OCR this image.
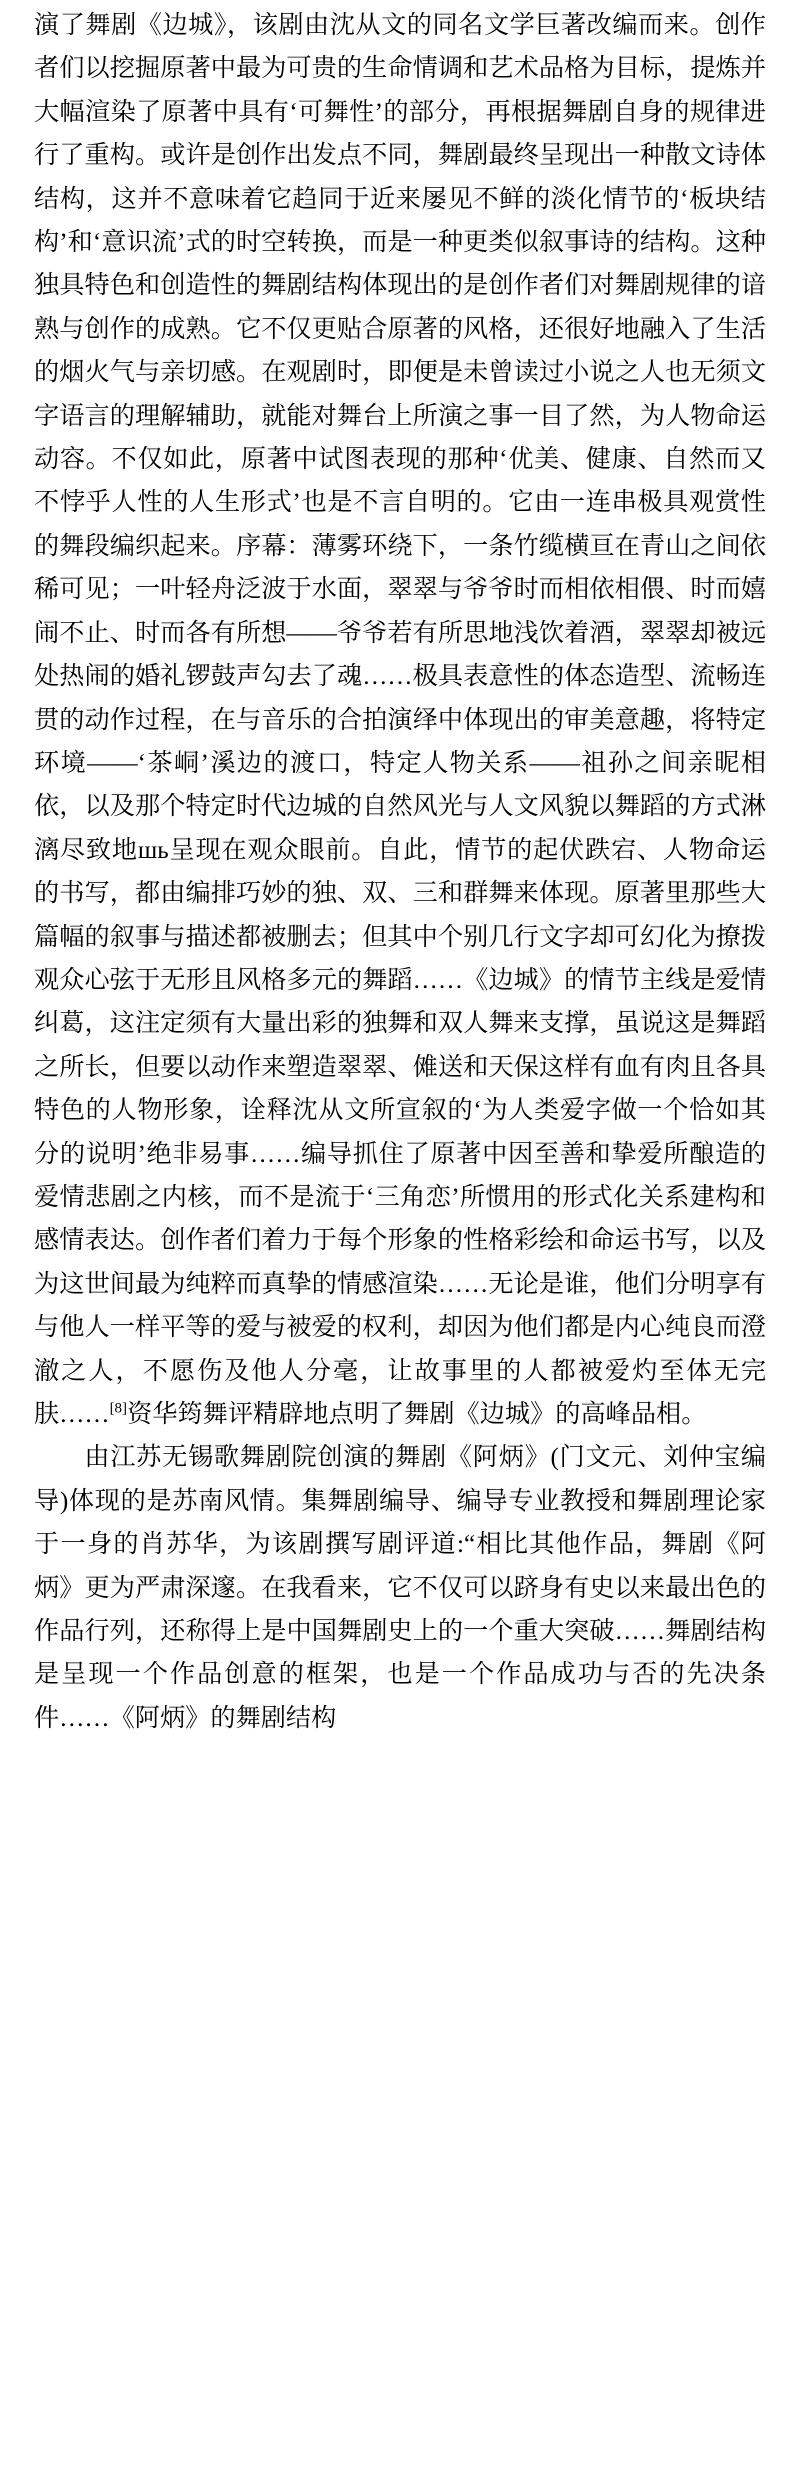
演了舞剧《边城》，该剧由沈从文的同名文学巨著改编而来。创作者们以挖掘原著中最为可贵的生命情调和艺术品格为目标，提炼并大幅渲染了原著中具有‘可舞性’的部分，再根据舞剧自身的规律进行了重构。或许是创作出发点不同，舞剧最终呈现出一种散文诗体结构，这并不意味着它趋同于近来屡见不鲜的淡化情节的‘板块结构’和‘意识流’式的时空转换，而是一种更类似叙事诗的结构。这种独具特色和创造性的舞剧结构体现出的是创作者们对舞剧规律的谙熟与创作的成熟。它不仅更贴合原著的风格，还很好地融入了生活的烟火气与亲切感。在观剧时，即便是未曾读过小说之人也无须文字语言的理解辅助，就能对舞台上所演之事一目了然，为人物命运动容。不仅如此，原著中试图表现的那种‘优美、健康、自然而又不悖乎人性的人生形式’也是不言自明的。它由一连串极具观赏性的舞段编织起来。序幕：薄雾环绕下，一条竹缆横亘在青山之间依稀可见；一叶轻舟泛波于水面，翠翠与爷爷时而相依相偎、时而嬉闹不止、时而各有所想——爷爷若有所思地浅饮着酒，翠翠却被远处热闹的婚礼锣鼓声勾去了魂……极具表意性的体态造型、流畅连贯的动作过程，在与音乐的合拍演绎中体现出的审美意趣，将特定环境——‘茶峒’溪边的渡口，特定人物关系——祖孙之间亲昵相依，以及那个特定时代边城的自然风光与人文风貌以舞蹈的方式淋漓尽致地шь呈现在观众眼前。自此，情节的起伏跌宕、人物命运的书写，都由编排巧妙的独、双、三和群舞来体现。原著里那些大篇幅的叙事与描述都被删去；但其中个别几行文字却可幻化为撩拨观众心弦于无形且风格多元的舞蹈……《边城》的情节主线是爱情纠葛，这注定须有大量出彩的独舞和双人舞来支撑，虽说这是舞蹈之所长，但要以动作来塑造翠翠、傩送和天保这样有血有肉且各具特色的人物形象，诠释沈从文所宣叙的‘为人类爱字做一个恰如其分的说明’绝非易事……编导抓住了原著中因至善和挚爱所酿造的爱情悲剧之内核，而不是流于‘三角恋’所惯用的形式化关系建构和感情表达。创作者们着力于每个形象的性格彩绘和命运书写，以及为这世间最为纯粹而真挚的情感渲染……无论是谁，他们分明享有与他人一样平等的爱与被爱的权利，却因为他们都是内心纯良而澄澈之人，不愿伤及他人分毫，让故事里的人都被爱灼至体无完肤……[8]资华筠舞评精辟地点明了舞剧《边城》的高峰品相。

由江苏无锡歌舞剧院创演的舞剧《阿炳》(门文元、刘仲宝编导)体现的是苏南风情。集舞剧编导、编导专业教授和舞剧理论家于一身的肖苏华，为该剧撰写剧评道:“相比其他作品，舞剧《阿炳》更为严肃深邃。在我看来，它不仅可以跻身有史以来最出色的作品行列，还称得上是中国舞剧史上的一个重大突破……舞剧结构是呈现一个作品创意的框架，也是一个作品成功与否的先决条件……《阿炳》的舞剧结构
